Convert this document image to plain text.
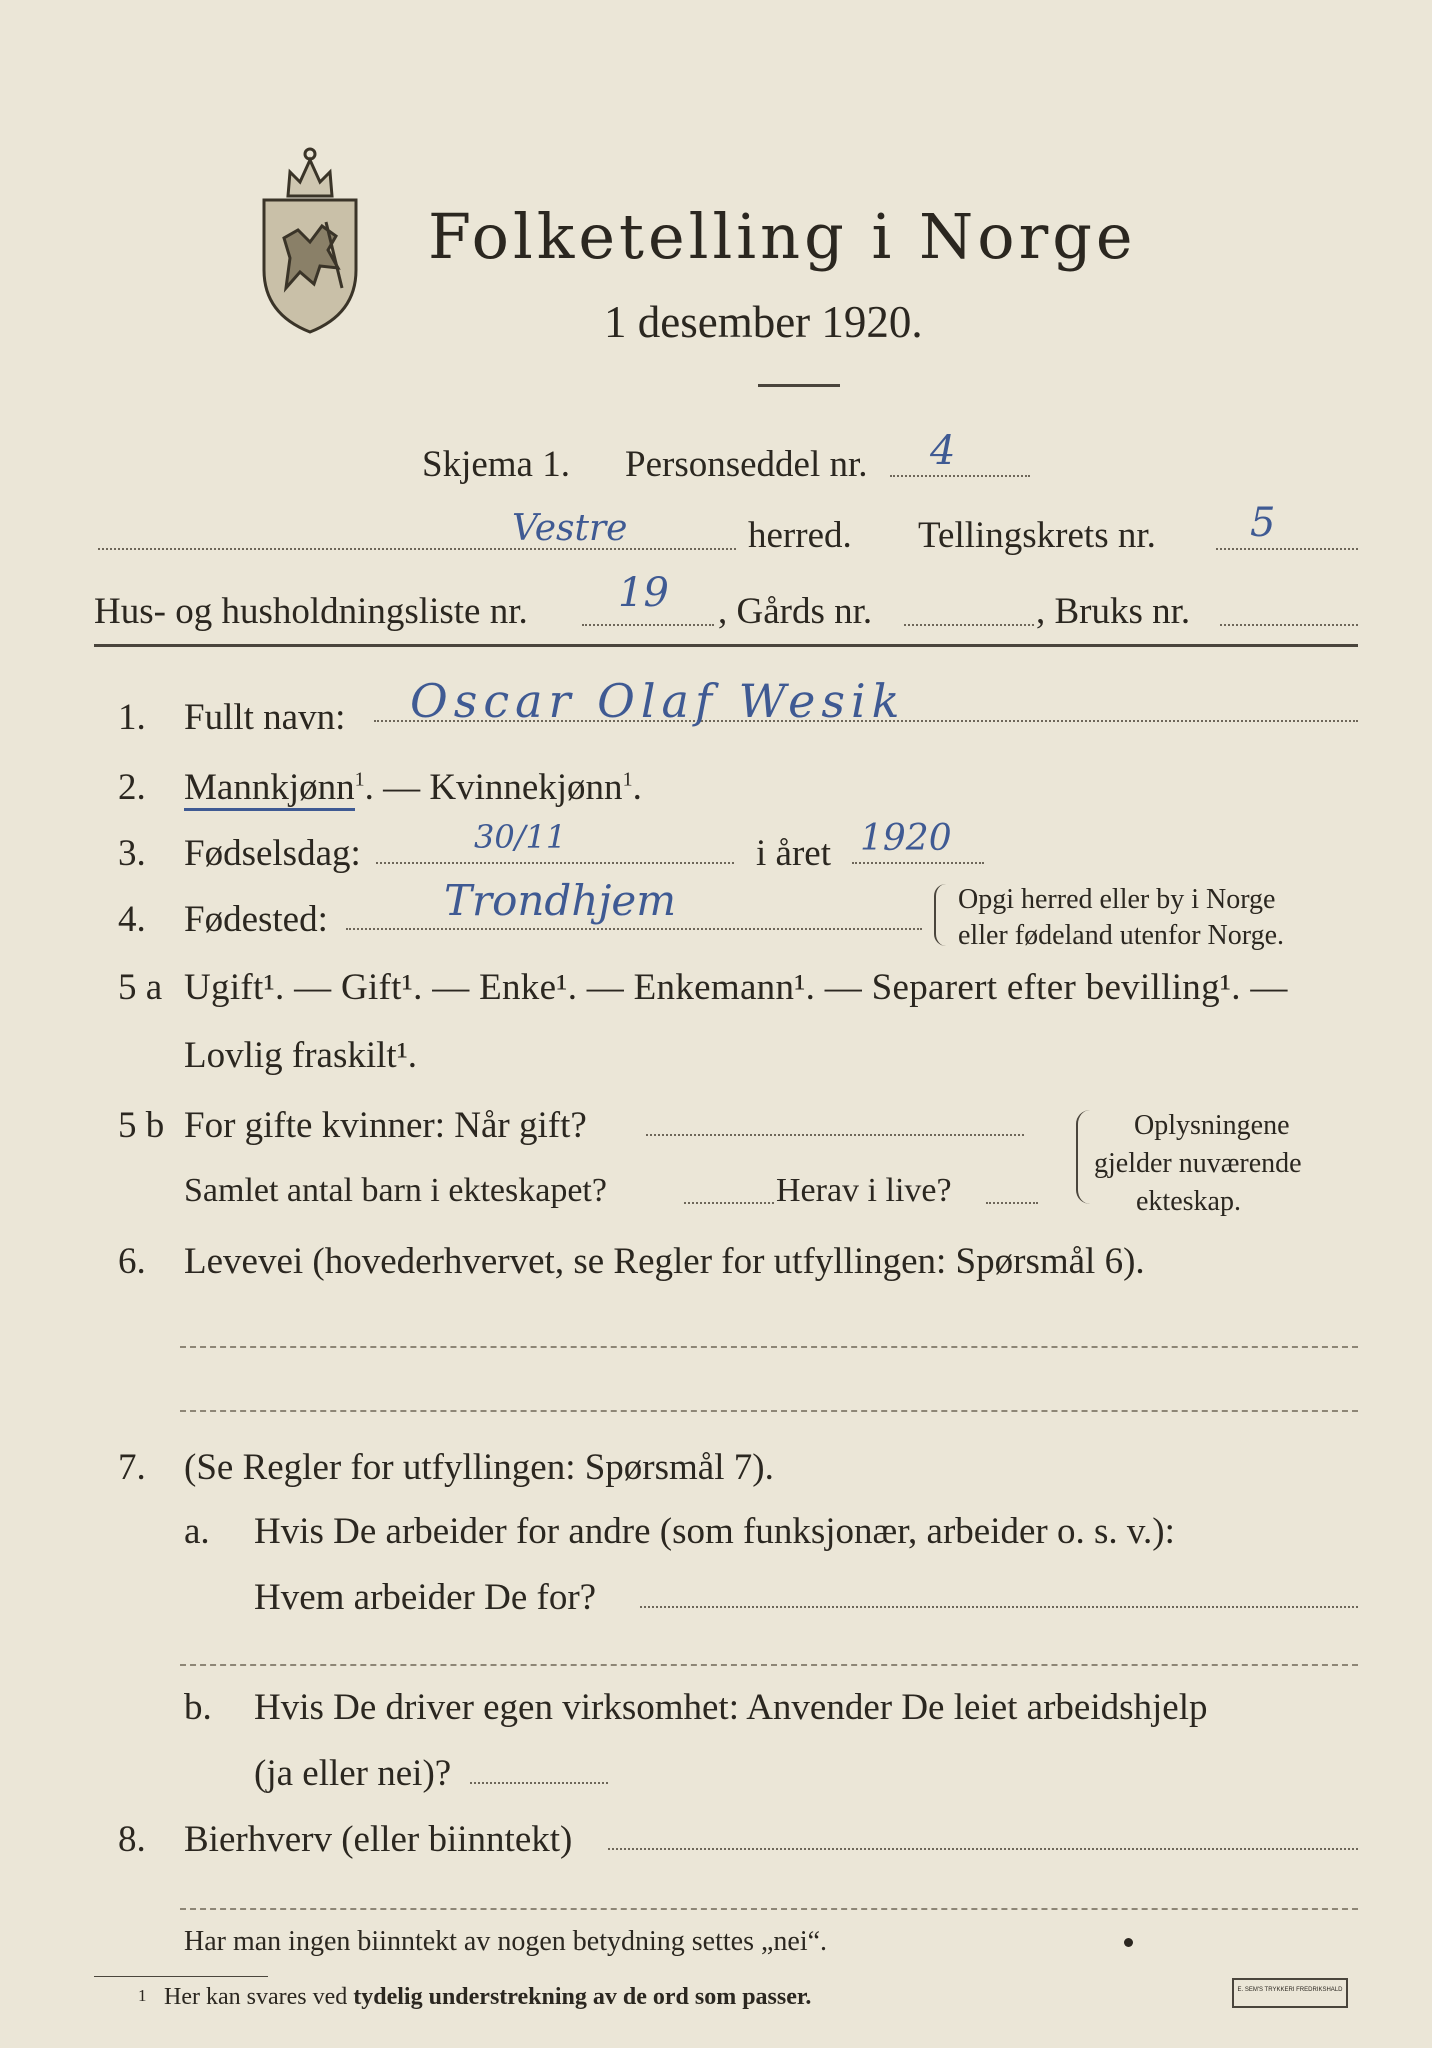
Folketelling i Norge
1 desember 1920.
Skjema 1. Personseddel nr. 4
Vestre	herred. Tellingskrets nr. 5
Hus- og husholdningsliste nr. 19 , Gårds nr.	, Bruks nr.
1. Fullt navn: Oscar Olaf Wesik
2. Mannkjønn$^1$. — Kvinnekjønn$^1$.
3. Fødselsdag:	30/11	i året 1920
4. Fødested:	Trondhjem	Opgi herred eller by i Norge
eller fødeland utenfor Norge.
5 a Ugift¹. — Gift¹. — Enke¹. — Enkemann¹. — Separert efter bevilling¹. —
Lovlig fraskilt¹.
5 b For gifte kvinner: Når gift?
Samlet antal barn i ekteskapet?	Herav i live?
Oplysningene
gjelder nuværende
ekteskap.
6. Levevei (hovederhvervet, se Regler for utfyllingen: Spørsmål 6).
7. (Se Regler for utfyllingen: Spørsmål 7).
a. Hvis De arbeider for andre (som funksjonær, arbeider o. s. v.):
Hvem arbeider De for?
b. Hvis De driver egen virksomhet: Anvender De leiet arbeidshjelp
(ja eller nei)?
8. Bierhverv (eller biinntekt)
Har man ingen biinntekt av nogen betydning settes „nei“.
1 Her kan svares ved tydelig understrekning av de ord som passer.	E. SEM'S TRYKKERI FREDRIKSHALD
